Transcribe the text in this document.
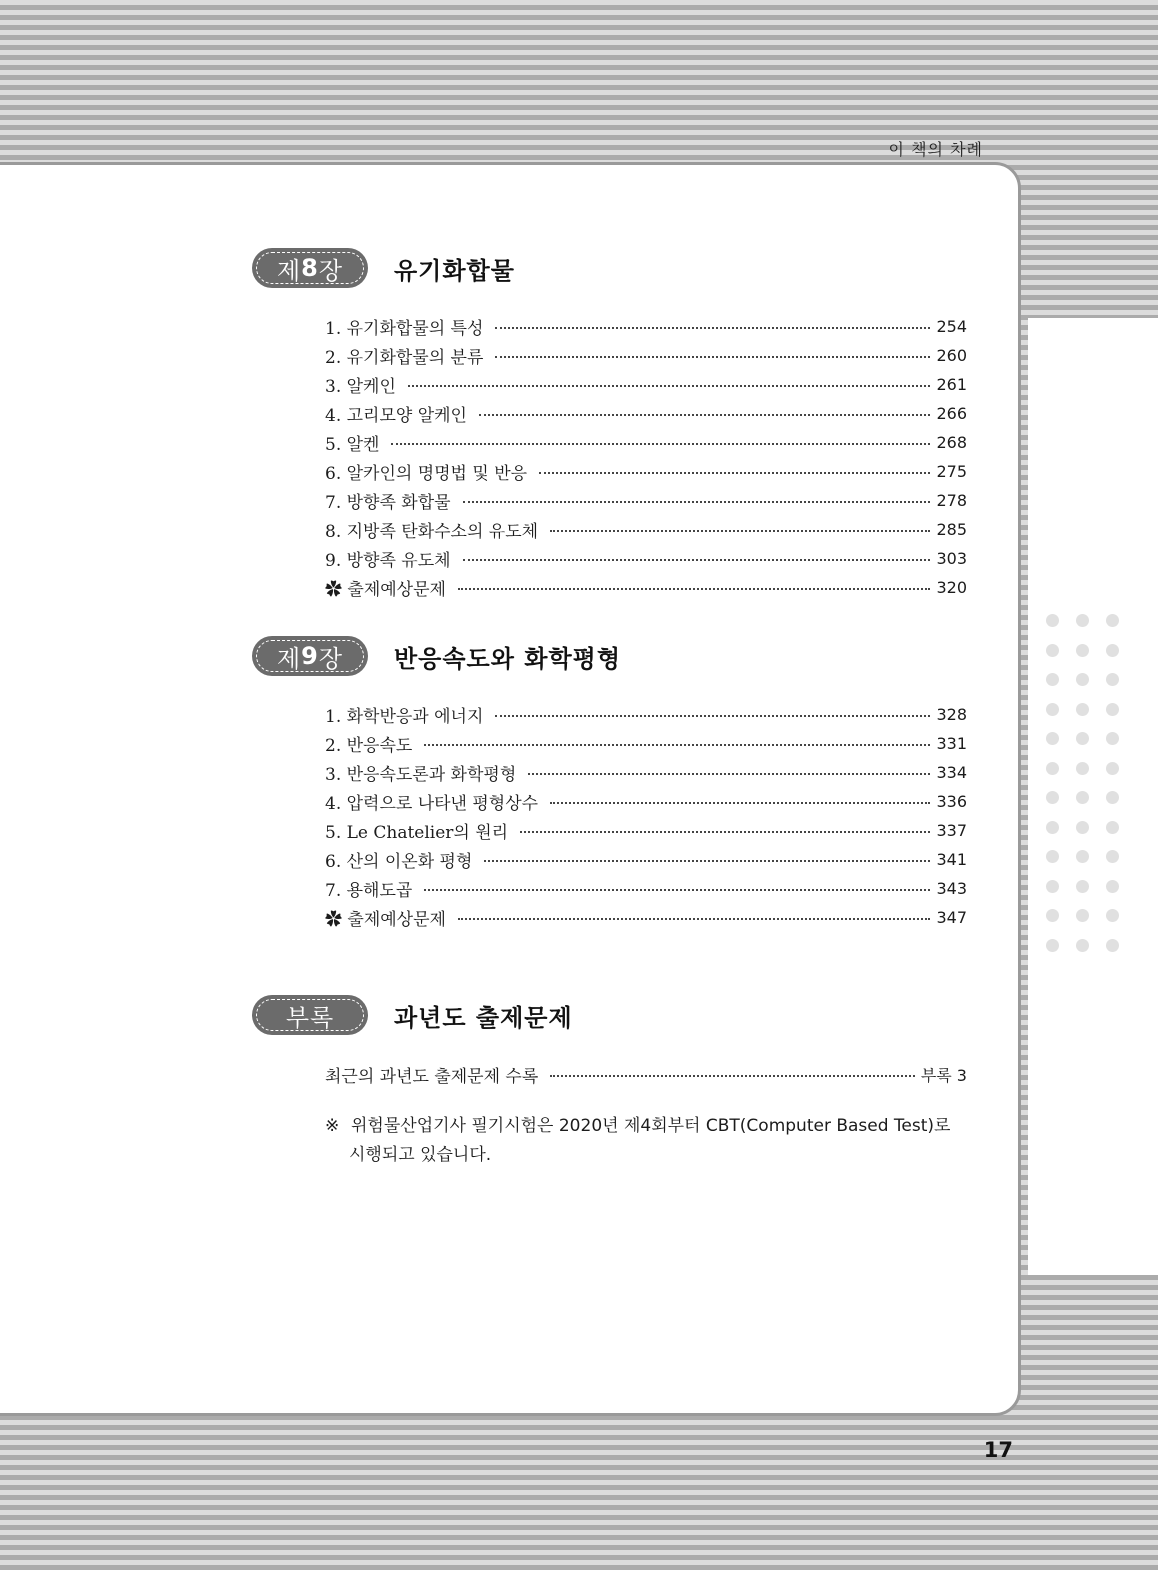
이 책의 차례
제 8 장 유기화합물
1. 유기화합물의 특성	254
2. 유기화합물의 분류	260
3. 알케인	261
4. 고리모양 알케인	266
5. 알켄	268
6. 알카인의 명명법 및 반응	275
7. 방향족 화합물	278
8. 지방족 탄화수소의 유도체	285
9. 방향족 유도체	303
✿ 출제예상문제	320
제 9 장 반응속도와 화학평형
1. 화학반응과 에너지	328
2. 반응속도	331
3. 반응속도론과 화학평형	334
4. 압력으로 나타낸 평형상수	336
5. Le Chatelier의 원리	337
6. 산의 이온화 평형	341
7. 용해도곱	343
✿ 출제예상문제	347
부록 과년도 출제문제
최근의 과년도 출제문제 수록	부록 3
※ 위험물산업기사 필기시험은 2020년 제4회부터 CBT(Computer Based Test)로
시행되고 있습니다.
17
